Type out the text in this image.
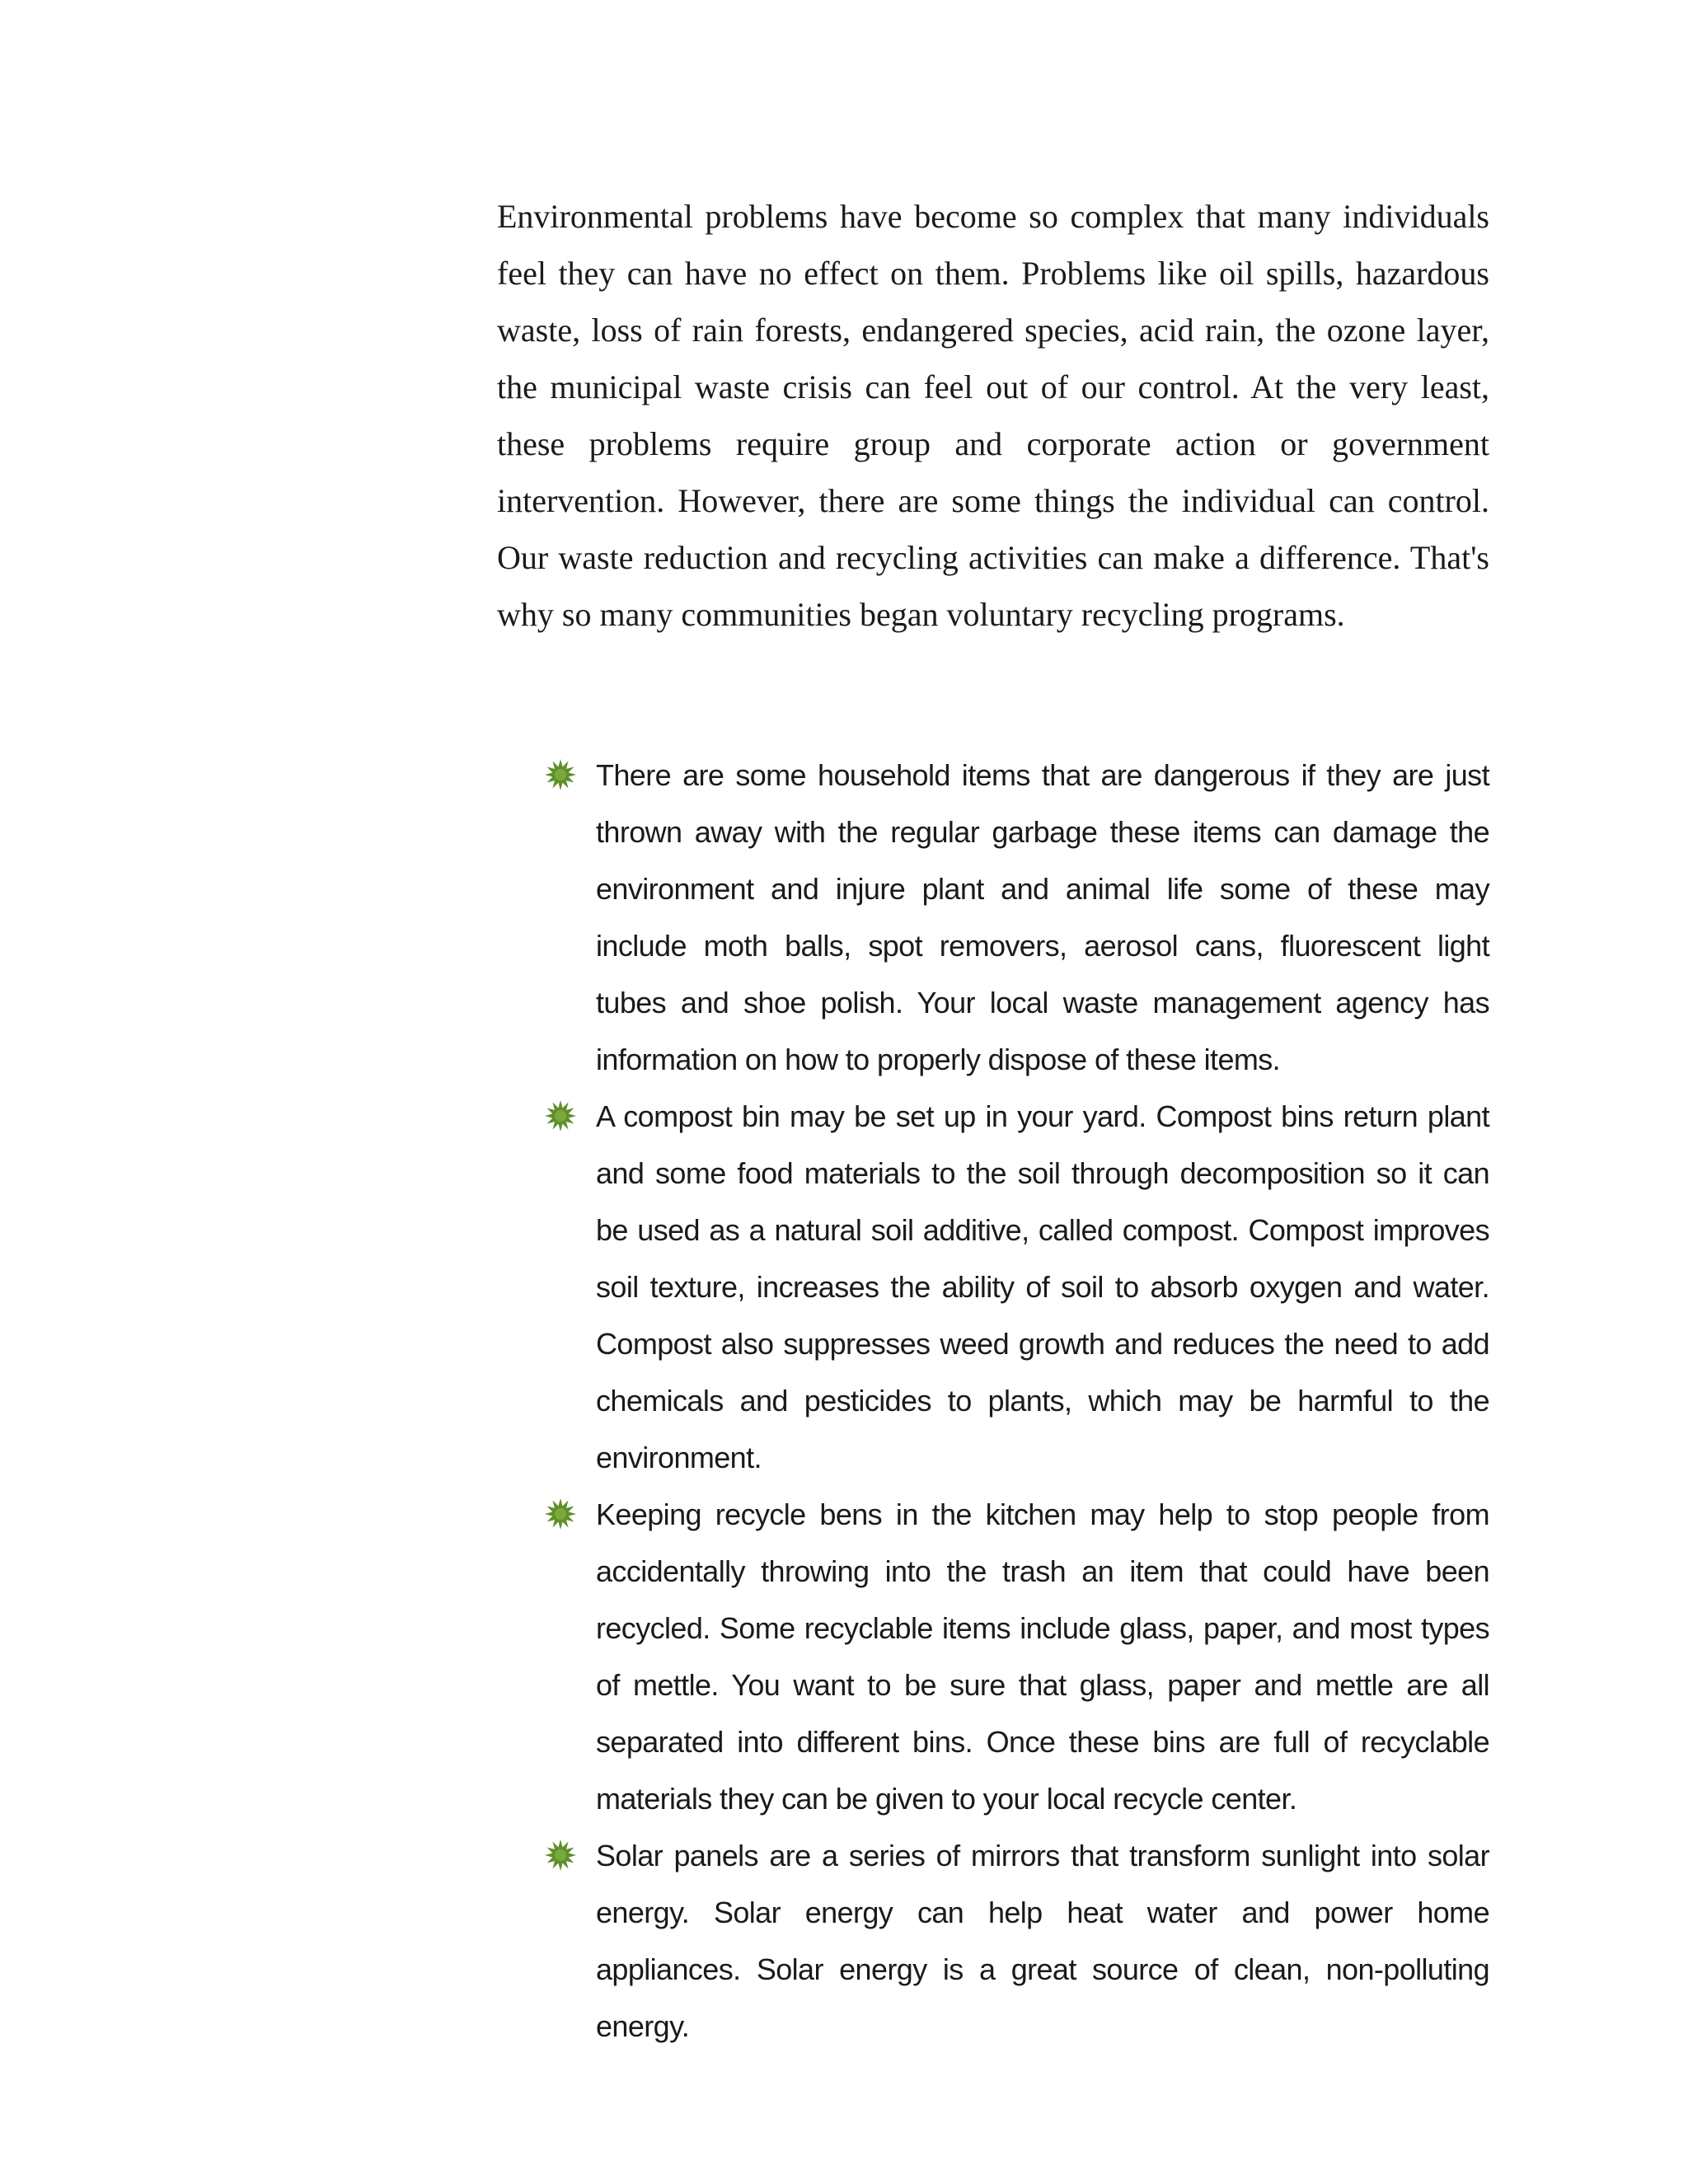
Environmental problems have become so complex that many individuals feel they can have no effect on them. Problems like oil spills, hazardous waste, loss of rain forests, endangered species, acid rain, the ozone layer, the municipal waste crisis can feel out of our control. At the very least, these problems require group and corporate action or government intervention. However, there are some things the individual can control. Our waste reduction and recycling activities can make a difference. That's why so many communities began voluntary recycling programs.

There are some household items that are dangerous if they are just thrown away with the regular garbage these items can damage the environment and injure plant and animal life some of these may include moth balls, spot removers, aerosol cans, fluorescent light tubes and shoe polish. Your local waste management agency has information on how to properly dispose of these items.
A compost bin may be set up in your yard. Compost bins return plant and some food materials to the soil through decomposition so it can be used as a natural soil additive, called compost. Compost improves soil texture, increases the ability of soil to absorb oxygen and water. Compost also suppresses weed growth and reduces the need to add chemicals and pesticides to plants, which may be harmful to the environment.
Keeping recycle bens in the kitchen may help to stop people from accidentally throwing into the trash an item that could have been recycled. Some recyclable items include glass, paper, and most types of mettle. You want to be sure that glass, paper and mettle are all separated into different bins. Once these bins are full of recyclable materials they can be given to your local recycle center.
Solar panels are a series of mirrors that transform sunlight into solar energy. Solar energy can help heat water and power home appliances. Solar energy is a great source of clean, non-polluting energy.
